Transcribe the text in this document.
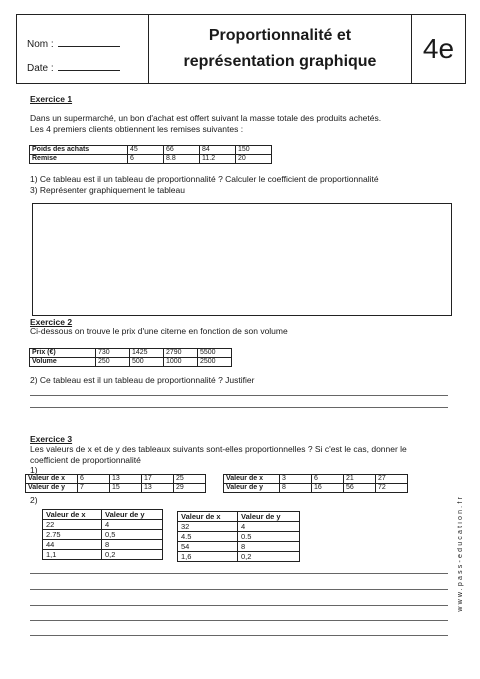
Nom :
Date :
Proportionnalité et
représentation graphique	4e
Exercice 1
Dans un supermarché, un bon d'achat est offert suivant la masse totale des produits achetés.
Les 4 premiers clients obtiennent les remises suivantes :
Poids des achats	45	66	84	150
Remise	6	8.8	11.2	20
1) Ce tableau est il un tableau de proportionnalité ? Calculer le coefficient de proportionnalité
3) Représenter graphiquement le tableau
Exercice 2
Ci-dessous on trouve le prix d'une citerne en fonction de son volume
Prix (€)	730	1425	2790	5500
Volume	250	500	1000	2500
2) Ce tableau est il un tableau de proportionnalité ? Justifier
Exercice 3
Les valeurs de x et de y des tableaux suivants sont-elles proportionnelles ? Si c'est le cas, donner le
coefficient de proportionnalité
1)
Valeur de x	6	13	17	25
Valeur de y	7	15	13	29
Valeur de x	3	6	21	27
Valeur de y	8	16	56	72
2)
Valeur de x	Valeur de y
22	4
2.75	0,5
44	8
1,1	0,2
Valeur de x	Valeur de y
32	4
4.5	0.5
54	8
1,6	0,2	www.pass-education.fr
